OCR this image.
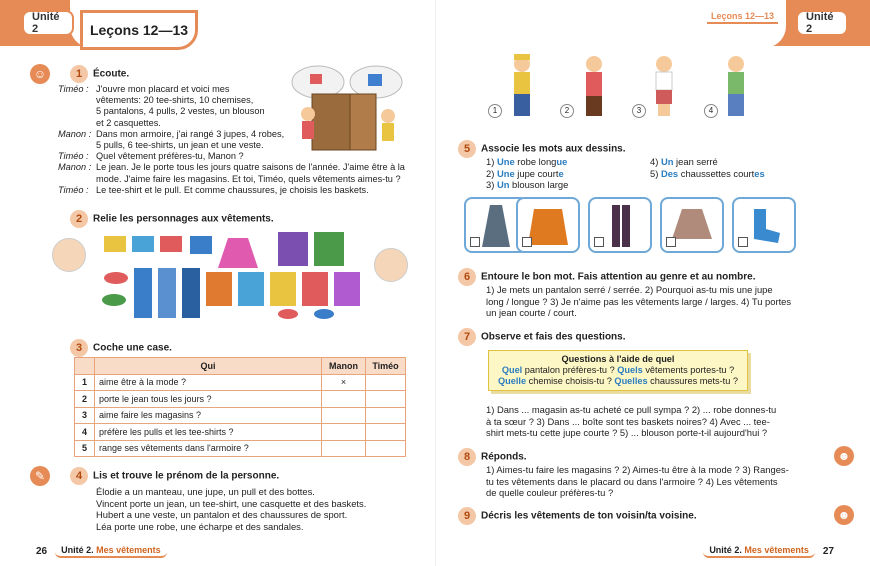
Unité 2	Leçons 12—13
☺	1 Écoute.
Timéo : J'ouvre mon placard et voici mes
vêtements: 20 tee-shirts, 10 chemises,
5 pantalons, 4 pulls, 2 vestes, un blouson
et 2 casquettes.
Manon : Dans mon armoire, j'ai rangé 3 jupes, 4 robes,
5 pulls, 6 tee-shirts, un jean et une veste.
Timéo : Quel vêtement préfères-tu, Manon ?
Manon : Le jean. Je le porte tous les jours quatre saisons de l'année. J'aime être à la
mode. J'aime faire les magasins. Et toi, Timéo, quels vêtements aimes-tu ?
Timéo : Le tee-shirt et le pull. Et comme chaussures, je choisis les baskets.
2 Relie les personnages aux vêtements.
3 Coche une case.
	Qui	Manon	Timéo
1	aime être à la mode ?	×	
2	porte le jean tous les jours ?		
3	aime faire les magasins ?		
4	préfère les pulls et les tee-shirts ?		
5	range ses vêtements dans l'armoire ?		
✎	4 Lis et trouve le prénom de la personne.
Élodie a un manteau, une jupe, un pull et des bottes.
Vincent porte un jean, un tee-shirt, une casquette et des baskets.
Hubert a une veste, un pantalon et des chaussures de sport.
Léa porte une robe, une écharpe et des sandales.
26	Unité 2. Mes vêtements
Leçons 12—13	Unité 2
1	2	3	4
5 Associe les mots aux dessins.
1) Une robe longue
2) Une jupe courte
3) Un blouson large
4) Un jean serré
5) Des chaussettes courtes
6 Entoure le bon mot. Fais attention au genre et au nombre.
1) Je mets un pantalon serré / serrée. 2) Pourquoi as-tu mis une jupe
long / longue ? 3) Je n'aime pas les vêtements large / larges. 4) Tu portes
un jean courte / court.
7 Observe et fais des questions.
Questions à l'aide de quel
Quel pantalon préfères-tu ? Quels vêtements portes-tu ?
Quelle chemise choisis-tu ? Quelles chaussures mets-tu ?
1) Dans ... magasin as-tu acheté ce pull sympa ? 2) ... robe donnes-tu
à ta sœur ? 3) Dans ... boîte sont tes baskets noires? 4) Avec ... tee-
shirt mets-tu cette jupe courte ? 5) ... blouson porte-t-il aujourd'hui ?
8 Réponds.
1) Aimes-tu faire les magasins ? 2) Aimes-tu être à la mode ? 3) Ranges-
tu tes vêtements dans le placard ou dans l'armoire ? 4) Les vêtements
de quelle couleur préfères-tu ?
9 Décris les vêtements de ton voisin/ta voisine.
☻
☻
Unité 2. Mes vêtements	27
